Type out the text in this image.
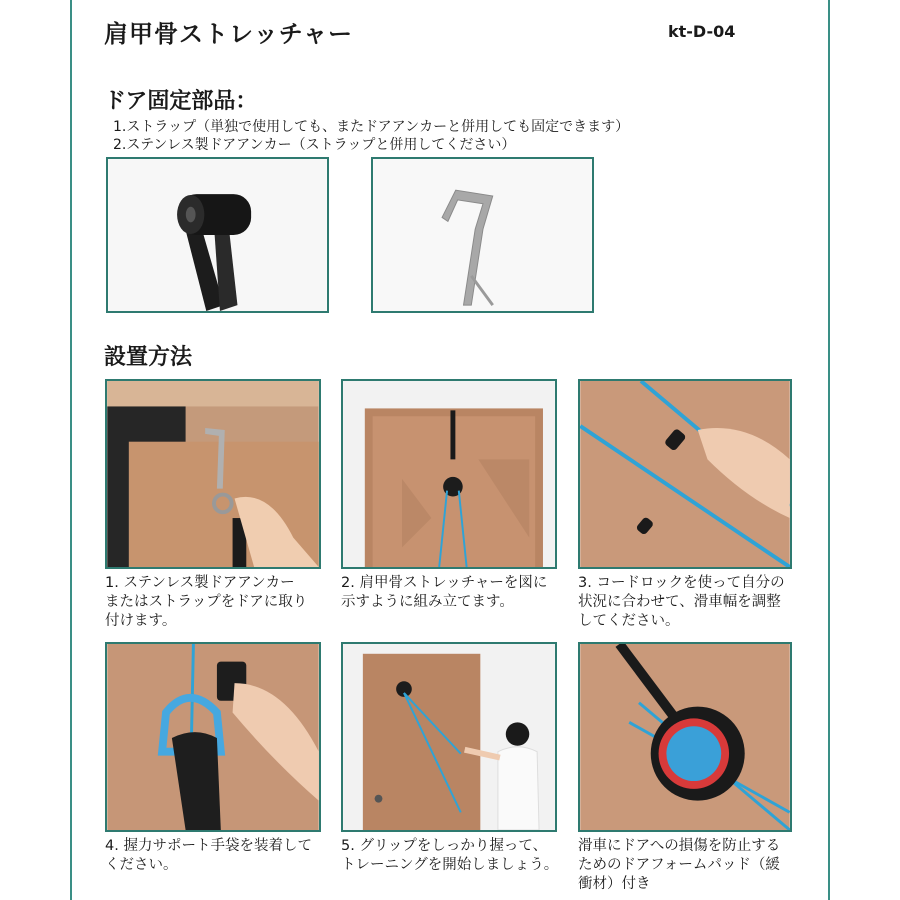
肩甲骨ストレッチャー	kt-D-04
ドア固定部品：
1.ストラップ（単独で使用しても、またドアアンカーと併用しても固定できます）
2.ステンレス製ドアアンカー（ストラップと併用してください）
設置方法
1. ステンレス製ドアアンカー
またはストラップをドアに取り
付けます。
2. 肩甲骨ストレッチャーを図に
示すように組み立てます。
3. コードロックを使って自分の
状況に合わせて、滑車幅を調整
してください。
4. 握力サポート手袋を装着して
ください。
5. グリップをしっかり握って、
トレーニングを開始しましょう。
滑車にドアへの損傷を防止する
ためのドアフォームパッド（緩
衝材）付き
